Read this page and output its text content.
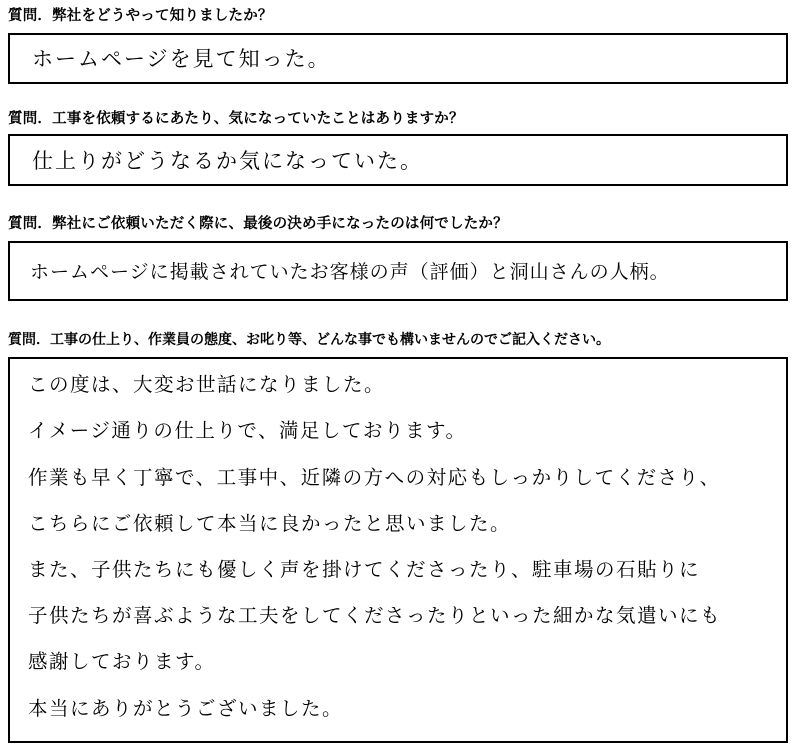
質問．弊社をどうやって知りましたか？
ホームページを見て知った。
質問．工事を依頼するにあたり、気になっていたことはありますか？
仕上りがどうなるか気になっていた。
質問．弊社にご依頼いただく際に、最後の決め手になったのは何でしたか？
ホームページに掲載されていたお客様の声（評価）と洞山さんの人柄。
質問．工事の仕上り、作業員の態度、お叱り等、どんな事でも構いませんのでご記入ください。
この度は、大変お世話になりました。
イメージ通りの仕上りで、満足しております。
作業も早く丁寧で、工事中、近隣の方への対応もしっかりしてくださり、
こちらにご依頼して本当に良かったと思いました。
また、子供たちにも優しく声を掛けてくださったり、駐車場の石貼りに
子供たちが喜ぶような工夫をしてくださったりといった細かな気遣いにも
感謝しております。
本当にありがとうございました。
